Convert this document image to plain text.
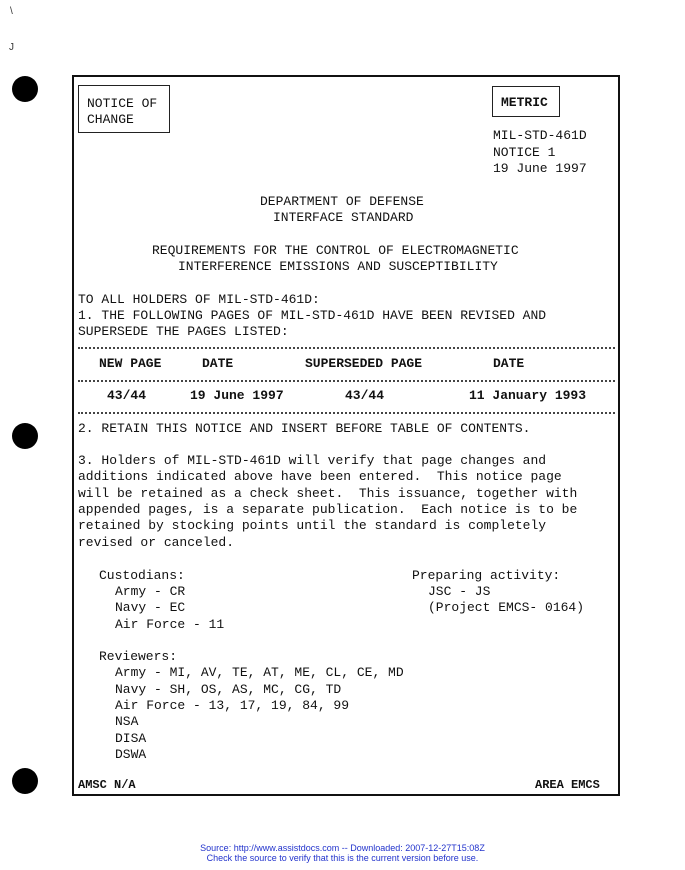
\
J
NOTICE OF
CHANGE
METRIC
MIL-STD-461D
NOTICE 1
19 June 1997
DEPARTMENT OF DEFENSE
INTERFACE STANDARD
REQUIREMENTS FOR THE CONTROL OF ELECTROMAGNETIC
INTERFERENCE EMISSIONS AND SUSCEPTIBILITY
TO ALL HOLDERS OF MIL-STD-461D:
1. THE FOLLOWING PAGES OF MIL-STD-461D HAVE BEEN REVISED AND
SUPERSEDE THE PAGES LISTED:
NEW PAGE	DATE	SUPERSEDED PAGE	DATE
43/44	19 June 1997	43/44	11 January 1993
2. RETAIN THIS NOTICE AND INSERT BEFORE TABLE OF CONTENTS.
3. Holders of MIL-STD-461D will verify that page changes and
additions indicated above have been entered.  This notice page
will be retained as a check sheet.  This issuance, together with
appended pages, is a separate publication.  Each notice is to be
retained by stocking points until the standard is completely
revised or canceled.
Custodians:
Army - CR
Navy - EC
Air Force - 11
Preparing activity:
JSC - JS
(Project EMCS- 0164)
Reviewers:
Army - MI, AV, TE, AT, ME, CL, CE, MD
Navy - SH, OS, AS, MC, CG, TD
Air Force - 13, 17, 19, 84, 99
NSA
DISA
DSWA
AMSC N/A	AREA EMCS
Source: http://www.assistdocs.com -- Downloaded: 2007-12-27T15:08Z
Check the source to verify that this is the current version before use.
